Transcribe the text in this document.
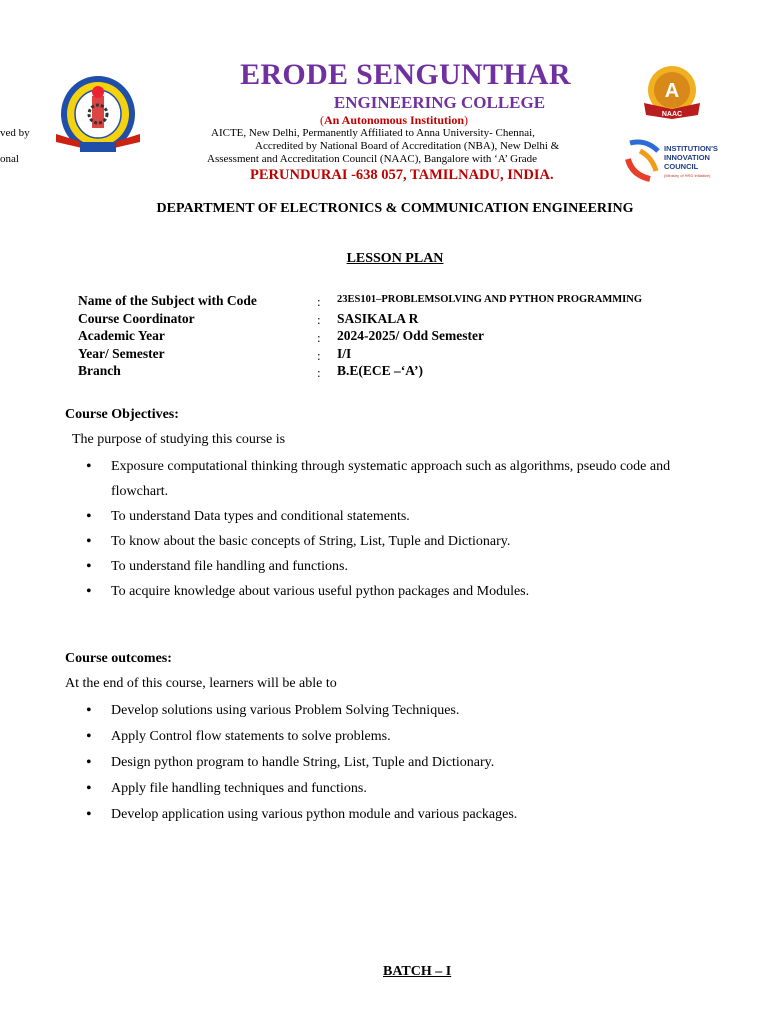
ved by
onal
ERODE SENGUNTHAR
ENGINEERING COLLEGE
(An Autonomous Institution)
AICTE, New Delhi, Permanently Affiliated to Anna University- Chennai,
Accredited by National Board of Accreditation (NBA), New Delhi &
Assessment and Accreditation Council (NAAC), Bangalore with ‘A’ Grade
PERUNDURAI -638 057, TAMILNADU, INDIA.
A
NAAC
INSTITUTION'S
INNOVATION
COUNCIL
(Ministry of HRD Initiative)
DEPARTMENT OF ELECTRONICS & COMMUNICATION ENGINEERING
LESSON PLAN
Name of the Subject with Code	: 23ES101–PROBLEMSOLVING AND PYTHON PROGRAMMING
Course Coordinator	: SASIKALA R
Academic Year	: 2024-2025/ Odd Semester
Year/ Semester	: I/I
Branch	: B.E(ECE –‘A’)
Course Objectives:
The purpose of studying this course is
• Exposure computational thinking through systematic approach such as algorithms, pseudo code and flowchart.
• To understand Data types and conditional statements.
• To know about the basic concepts of String, List, Tuple and Dictionary.
• To understand file handling and functions.
• To acquire knowledge about various useful python packages and Modules.
Course outcomes:
At the end of this course, learners will be able to
• Develop solutions using various Problem Solving Techniques.
• Apply Control flow statements to solve problems.
• Design python program to handle String, List, Tuple and Dictionary.
• Apply file handling techniques and functions.
• Develop application using various python module and various packages.
BATCH – I
